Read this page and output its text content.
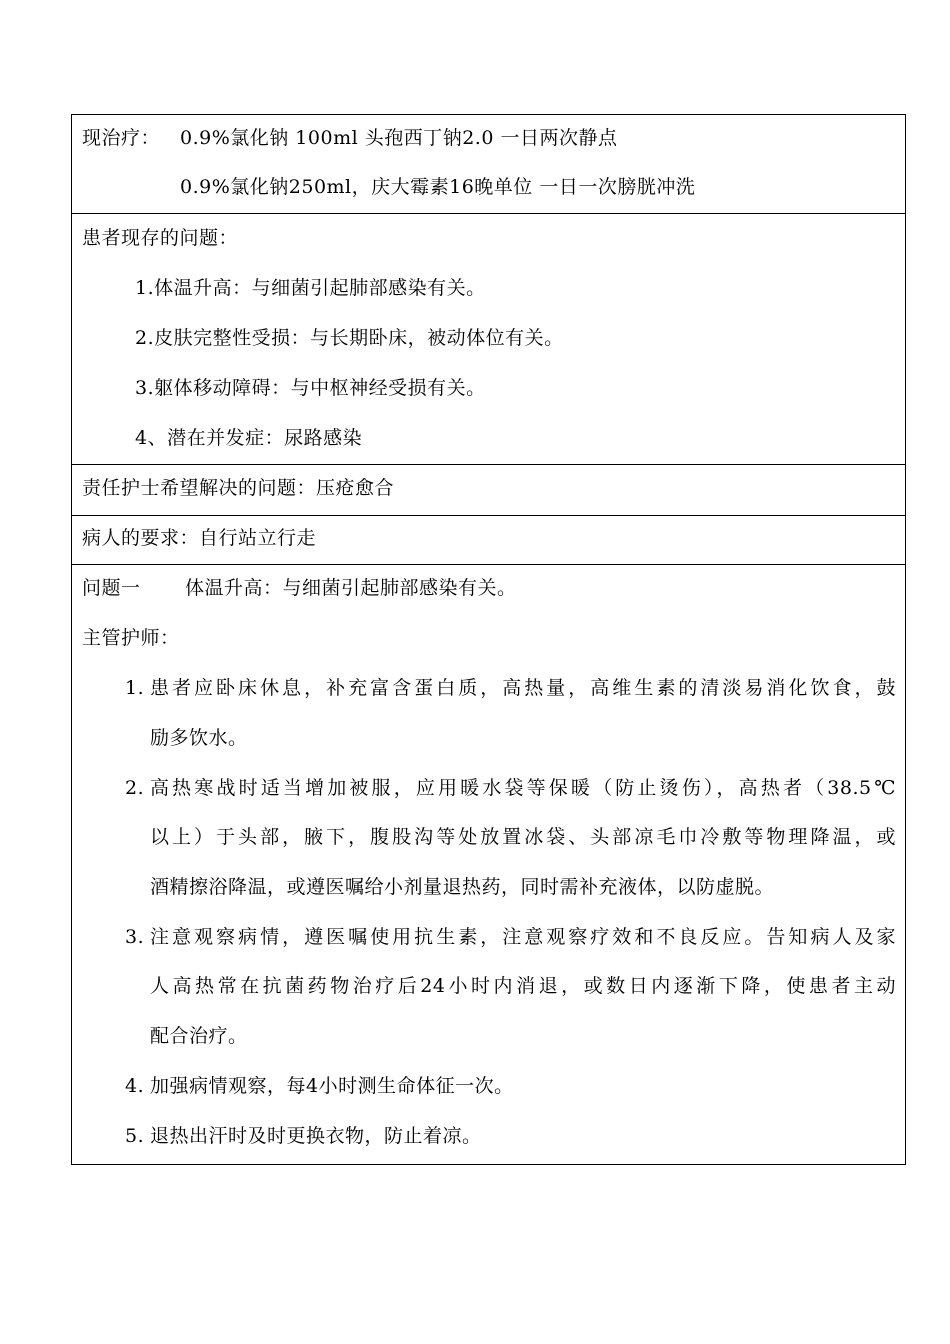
现治疗： 0.9%氯化钠 100ml 头孢西丁钠2.0 一日两次静点
0.9%氯化钠250ml，庆大霉素16晚单位 一日一次膀胱冲洗
患者现存的问题：
1.体温升高：与细菌引起肺部感染有关。
2.皮肤完整性受损：与长期卧床，被动体位有关。
3.躯体移动障碍：与中枢神经受损有关。
4、潜在并发症：尿路感染
责任护士希望解决的问题：压疮愈合
病人的要求：自行站立行走
问题一 体温升高：与细菌引起肺部感染有关。
主管护师：
1. 患者应卧床休息，补充富含蛋白质，高热量，高维生素的清淡易消化饮食，鼓
励多饮水。
2. 高热寒战时适当增加被服，应用暖水袋等保暖（防止烫伤），高热者（38.5℃
以上）于头部，腋下，腹股沟等处放置冰袋、头部凉毛巾冷敷等物理降温，或
酒精擦浴降温，或遵医嘱给小剂量退热药，同时需补充液体，以防虚脱。
3. 注意观察病情，遵医嘱使用抗生素，注意观察疗效和不良反应。告知病人及家
人高热常在抗菌药物治疗后24小时内消退，或数日内逐渐下降，使患者主动
配合治疗。
4. 加强病情观察，每4小时测生命体征一次。
5. 退热出汗时及时更换衣物，防止着凉。
